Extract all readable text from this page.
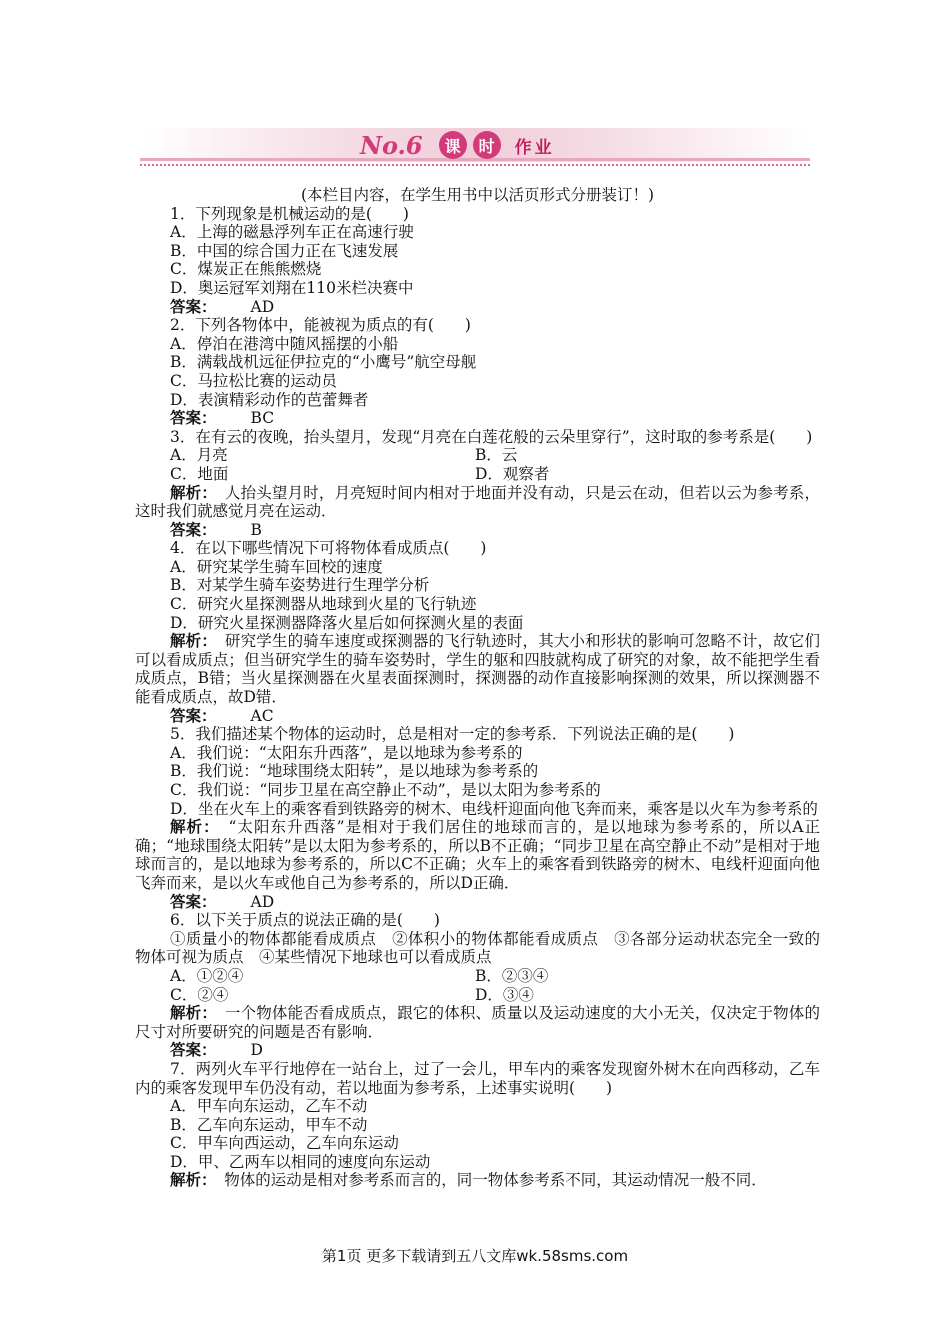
No.6	课	时	作业
(本栏目内容，在学生用书中以活页形式分册装订！)
1．下列现象是机械运动的是(　　)
A．上海的磁悬浮列车正在高速行驶
B．中国的综合国力正在飞速发展
C．煤炭正在熊熊燃烧
D．奥运冠军刘翔在110米栏决赛中
答案： AD
2．下列各物体中，能被视为质点的有(　　)
A．停泊在港湾中随风摇摆的小船
B．满载战机远征伊拉克的“小鹰号”航空母舰
C．马拉松比赛的运动员
D．表演精彩动作的芭蕾舞者
答案： BC
3．在有云的夜晚，抬头望月，发现“月亮在白莲花般的云朵里穿行”，这时取的参考系是(　　)
A．月亮	B．云
C．地面	D．观察者
解析：　 人抬头望月时，月亮短时间内相对于地面并没有动，只是云在动，但若以云为参考系，这时我们就感觉月亮在运动．
答案： B
4．在以下哪些情况下可将物体看成质点(　　)
A．研究某学生骑车回校的速度
B．对某学生骑车姿势进行生理学分析
C．研究火星探测器从地球到火星的飞行轨迹
D．研究火星探测器降落火星后如何探测火星的表面
解析：　 研究学生的骑车速度或探测器的飞行轨迹时，其大小和形状的影响可忽略不计，故它们可以看成质点；但当研究学生的骑车姿势时，学生的躯和四肢就构成了研究的对象，故不能把学生看成质点，B错；当火星探测器在火星表面探测时，探测器的动作直接影响探测的效果，所以探测器不能看成质点，故D错．
答案： AC
5．我们描述某个物体的运动时，总是相对一定的参考系．下列说法正确的是(　　)
A．我们说：“太阳东升西落”，是以地球为参考系的
B．我们说：“地球围绕太阳转”，是以地球为参考系的
C．我们说：“同步卫星在高空静止不动”，是以太阳为参考系的
D．坐在火车上的乘客看到铁路旁的树木、电线杆迎面向他飞奔而来，乘客是以火车为参考系的
解析：　 “太阳东升西落”是相对于我们居住的地球而言的，是以地球为参考系的，所以A正确；“地球围绕太阳转”是以太阳为参考系的，所以B不正确；“同步卫星在高空静止不动”是相对于地球而言的，是以地球为参考系的，所以C不正确；火车上的乘客看到铁路旁的树木、电线杆迎面向他飞奔而来，是以火车或他自己为参考系的，所以D正确．
答案： AD
6．以下关于质点的说法正确的是(　　)
①质量小的物体都能看成质点　②体积小的物体都能看成质点　③各部分运动状态完全一致的物体可视为质点　④某些情况下地球也可以看成质点
A．①②④	B．②③④
C．②④	D．③④
解析：　 一个物体能否看成质点，跟它的体积、质量以及运动速度的大小无关，仅决定于物体的尺寸对所要研究的问题是否有影响．
答案： D
7．两列火车平行地停在一站台上，过了一会儿，甲车内的乘客发现窗外树木在向西移动，乙车内的乘客发现甲车仍没有动，若以地面为参考系，上述事实说明(　　)
A．甲车向东运动，乙车不动
B．乙车向东运动，甲车不动
C．甲车向西运动，乙车向东运动
D．甲、乙两车以相同的速度向东运动
解析：　 物体的运动是相对参考系而言的，同一物体参考系不同，其运动情况一般不同．
第1页 更多下载请到五八文库wk.58sms.com
